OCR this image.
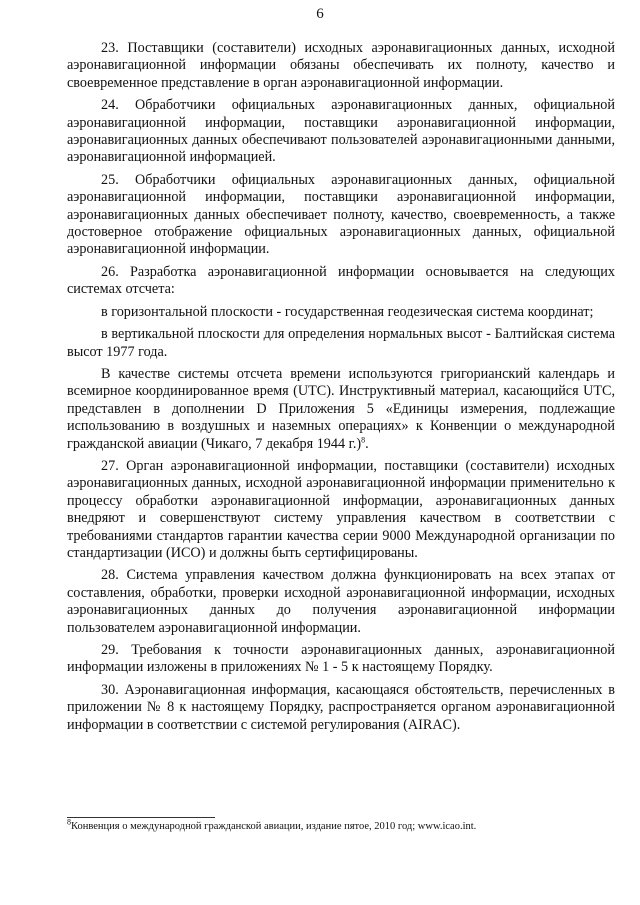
6

23. Поставщики (составители) исходных аэронавигационных данных, исходной аэронавигационной информации обязаны обеспечивать их полноту, качество и своевременное представление в орган аэронавигационной информации.

24. Обработчики официальных аэронавигационных данных, официальной аэронавигационной информации, поставщики аэронавигационной информации, аэронавигационных данных обеспечивают пользователей аэронавигационными данными, аэронавигационной информацией.

25. Обработчики официальных аэронавигационных данных, официальной аэронавигационной информации, поставщики аэронавигационной информации, аэронавигационных данных обеспечивает полноту, качество, своевременность, а также достоверное отображение официальных аэронавигационных данных, официальной аэронавигационной информации.

26. Разработка аэронавигационной информации основывается на следующих системах отсчета:

в горизонтальной плоскости - государственная геодезическая система координат;

в вертикальной плоскости для определения нормальных высот - Балтийская система высот 1977 года.

В качестве системы отсчета времени используются григорианский календарь и всемирное координированное время (UTC). Инструктивный материал, касающийся UTC, представлен в дополнении D Приложения 5 «Единицы измерения, подлежащие использованию в воздушных и наземных операциях» к Конвенции о международной гражданской авиации (Чикаго, 7 декабря 1944 г.)$^8$.

27. Орган аэронавигационной информации, поставщики (составители) исходных аэронавигационных данных, исходной аэронавигационной информации применительно к процессу обработки аэронавигационной информации, аэронавигационных данных внедряют и совершенствуют систему управления качеством в соответствии с требованиями стандартов гарантии качества серии 9000 Международной организации по стандартизации (ИСО) и должны быть сертифицированы.

28. Система управления качеством должна функционировать на всех этапах от составления, обработки, проверки исходной аэронавигационной информации, исходных аэронавигационных данных до получения аэронавигационной информации пользователем аэронавигационной информации.

29. Требования к точности аэронавигационных данных, аэронавигационной информации изложены в приложениях № 1 - 5 к настоящему Порядку.

30. Аэронавигационная информация, касающаяся обстоятельств, перечисленных в приложении № 8 к настоящему Порядку, распространяется органом аэронавигационной информации в соответствии с системой регулирования (AIRAC).

$^8$Конвенция о международной гражданской авиации, издание пятое, 2010 год; www.icao.int.
